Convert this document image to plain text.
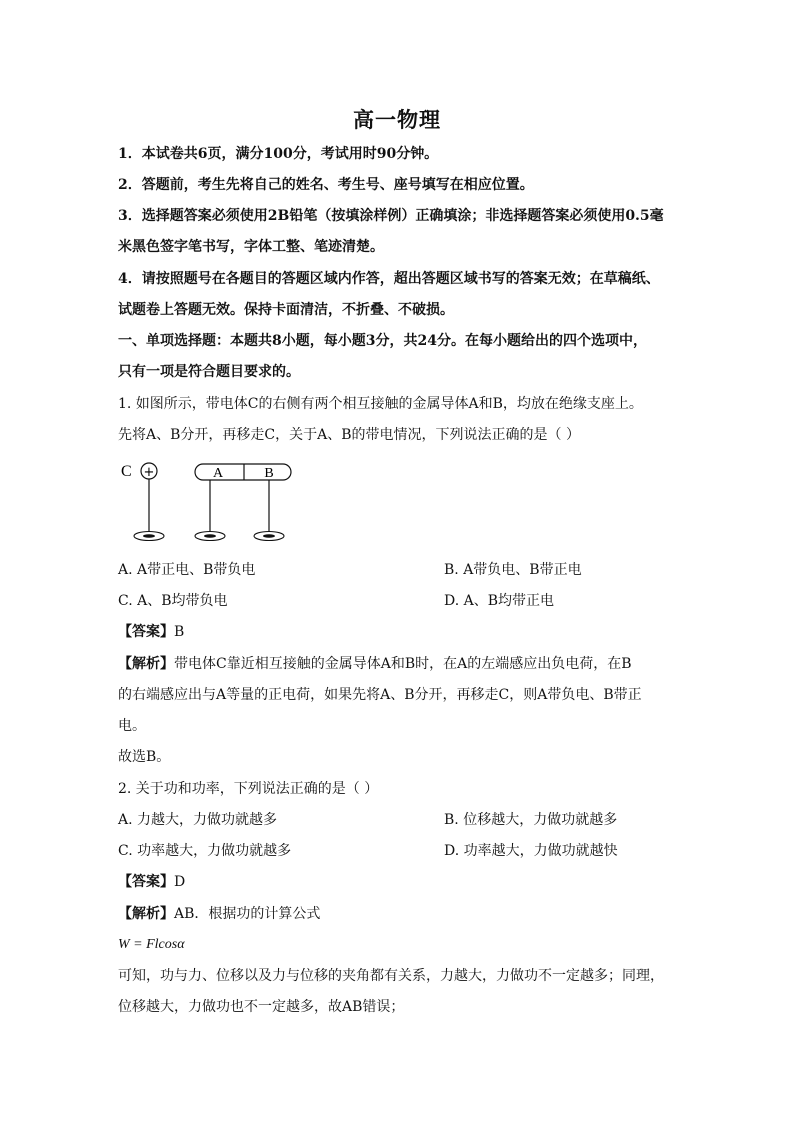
高一物理
1．本试卷共6页，满分100分，考试用时90分钟。
2．答题前，考生先将自己的姓名、考生号、座号填写在相应位置。
3．选择题答案必须使用2B铅笔（按填涂样例）正确填涂；非选择题答案必须使用0.5毫
米黑色签字笔书写，字体工整、笔迹清楚。
4．请按照题号在各题目的答题区域内作答，超出答题区域书写的答案无效；在草稿纸、
试题卷上答题无效。保持卡面清洁，不折叠、不破损。
一、单项选择题：本题共8小题，每小题3分，共24分。在每小题给出的四个选项中，
只有一项是符合题目要求的。
1. 如图所示，带电体C的右侧有两个相互接触的金属导体A和B，均放在绝缘支座上。
先将A、B分开，再移走C，关于A、B的带电情况，下列说法正确的是（ ）
C +	A	B
A. A带正电、B带负电	B. A带负电、B带正电
C. A、B均带负电	D. A、B均带正电
【答案】B
【解析】带电体C靠近相互接触的金属导体A和B时，在A的左端感应出负电荷，在B
的右端感应出与A等量的正电荷，如果先将A、B分开，再移走C，则A带负电、B带正
电。
故选B。
2. 关于功和功率，下列说法正确的是（ ）
A. 力越大，力做功就越多	B. 位移越大，力做功就越多
C. 功率越大，力做功就越多	D. 功率越大，力做功就越快
【答案】D
【解析】AB．根据功的计算公式
W = Flcosα
可知，功与力、位移以及力与位移的夹角都有关系，力越大，力做功不一定越多；同理，
位移越大，力做功也不一定越多，故AB错误；
